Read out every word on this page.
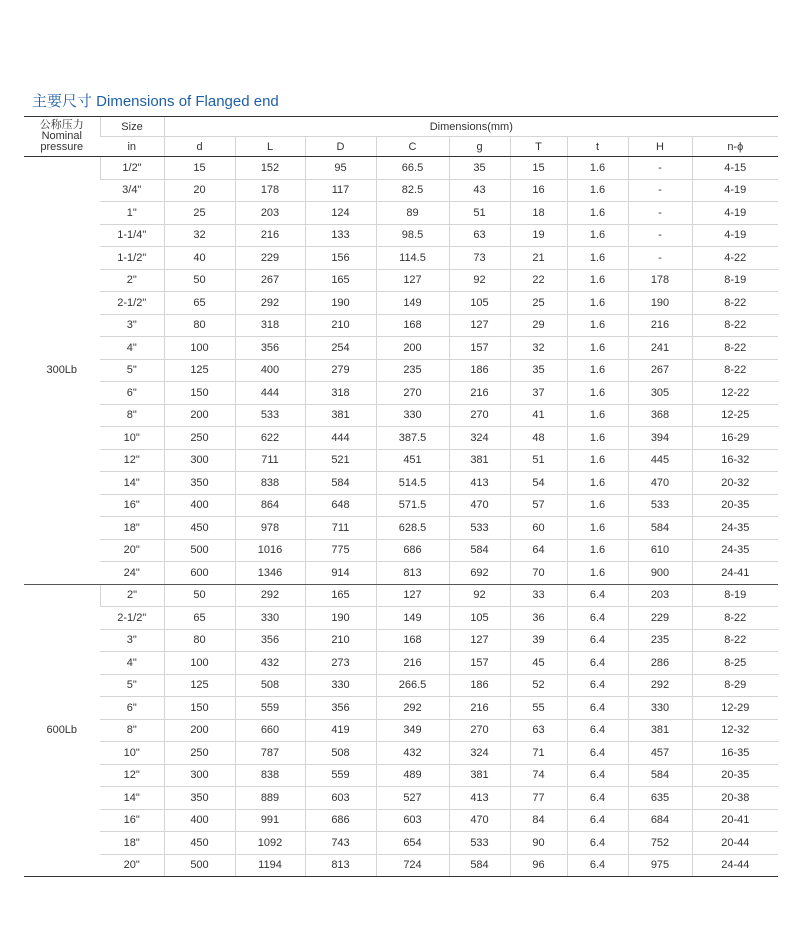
主要尺寸 Dimensions of Flanged end
公称压力
Nominal
pressure	Size	Dimensions(mm)								
	in	d	L	D	C	g	T	t	H	n-ϕ
300Lb	1/2"	15	152	95	66.5	35	15	1.6	-	4-15
	3/4"	20	178	117	82.5	43	16	1.6	-	4-19
	1"	25	203	124	89	51	18	1.6	-	4-19
	1-1/4"	32	216	133	98.5	63	19	1.6	-	4-19
	1-1/2"	40	229	156	114.5	73	21	1.6	-	4-22
	2"	50	267	165	127	92	22	1.6	178	8-19
	2-1/2"	65	292	190	149	105	25	1.6	190	8-22
	3"	80	318	210	168	127	29	1.6	216	8-22
	4"	100	356	254	200	157	32	1.6	241	8-22
	5"	125	400	279	235	186	35	1.6	267	8-22
	6"	150	444	318	270	216	37	1.6	305	12-22
	8"	200	533	381	330	270	41	1.6	368	12-25
	10"	250	622	444	387.5	324	48	1.6	394	16-29
	12"	300	711	521	451	381	51	1.6	445	16-32
	14"	350	838	584	514.5	413	54	1.6	470	20-32
	16"	400	864	648	571.5	470	57	1.6	533	20-35
	18"	450	978	711	628.5	533	60	1.6	584	24-35
	20"	500	1016	775	686	584	64	1.6	610	24-35
	24"	600	1346	914	813	692	70	1.6	900	24-41
600Lb	2"	50	292	165	127	92	33	6.4	203	8-19
	2-1/2"	65	330	190	149	105	36	6.4	229	8-22
	3"	80	356	210	168	127	39	6.4	235	8-22
	4"	100	432	273	216	157	45	6.4	286	8-25
	5"	125	508	330	266.5	186	52	6.4	292	8-29
	6"	150	559	356	292	216	55	6.4	330	12-29
	8"	200	660	419	349	270	63	6.4	381	12-32
	10"	250	787	508	432	324	71	6.4	457	16-35
	12"	300	838	559	489	381	74	6.4	584	20-35
	14"	350	889	603	527	413	77	6.4	635	20-38
	16"	400	991	686	603	470	84	6.4	684	20-41
	18"	450	1092	743	654	533	90	6.4	752	20-44
	20"	500	1194	813	724	584	96	6.4	975	24-44
